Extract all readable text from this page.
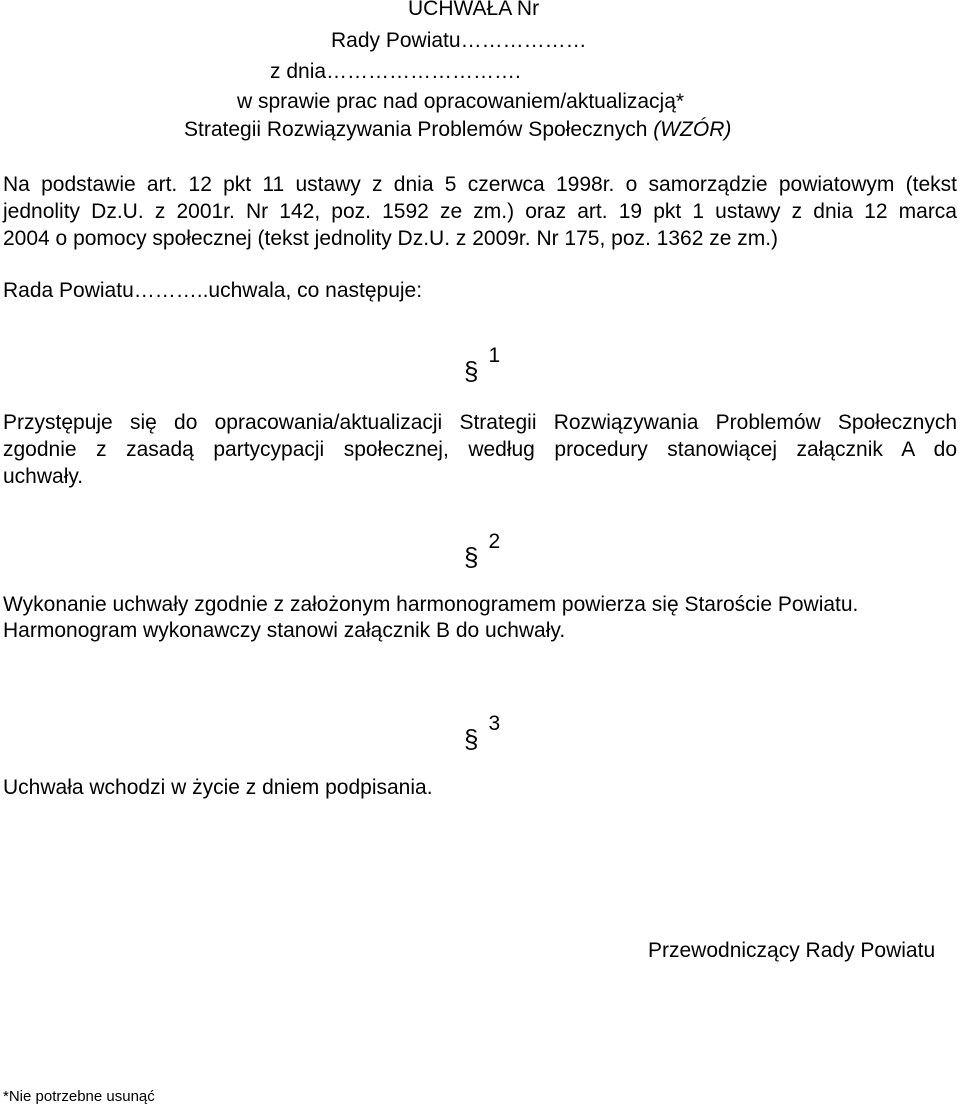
UCHWAŁA Nr
Rady Powiatu………………
z dnia……………………….
w sprawie prac nad opracowaniem/aktualizacją*
Strategii Rozwiązywania Problemów Społecznych (WZÓR)
Na podstawie art. 12 pkt 11 ustawy z dnia 5 czerwca 1998r. o samorządzie powiatowym (tekst
jednolity Dz.U. z 2001r. Nr 142, poz. 1592 ze zm.) oraz art. 19 pkt 1 ustawy z dnia 12 marca
2004 o pomocy społecznej (tekst jednolity Dz.U. z 2009r. Nr 175, poz. 1362 ze zm.)
Rada Powiatu………..uchwala, co następuje:
§
1
Przystępuje się do opracowania/aktualizacji Strategii Rozwiązywania Problemów Społecznych
zgodnie z zasadą partycypacji społecznej, według procedury stanowiącej załącznik A do
uchwały.
§
2
Wykonanie uchwały zgodnie z założonym harmonogramem powierza się Staroście Powiatu.
Harmonogram wykonawczy stanowi załącznik B do uchwały.
§
3
Uchwała wchodzi w życie z dniem podpisania.
Przewodniczący Rady Powiatu
*Nie potrzebne usunąć
